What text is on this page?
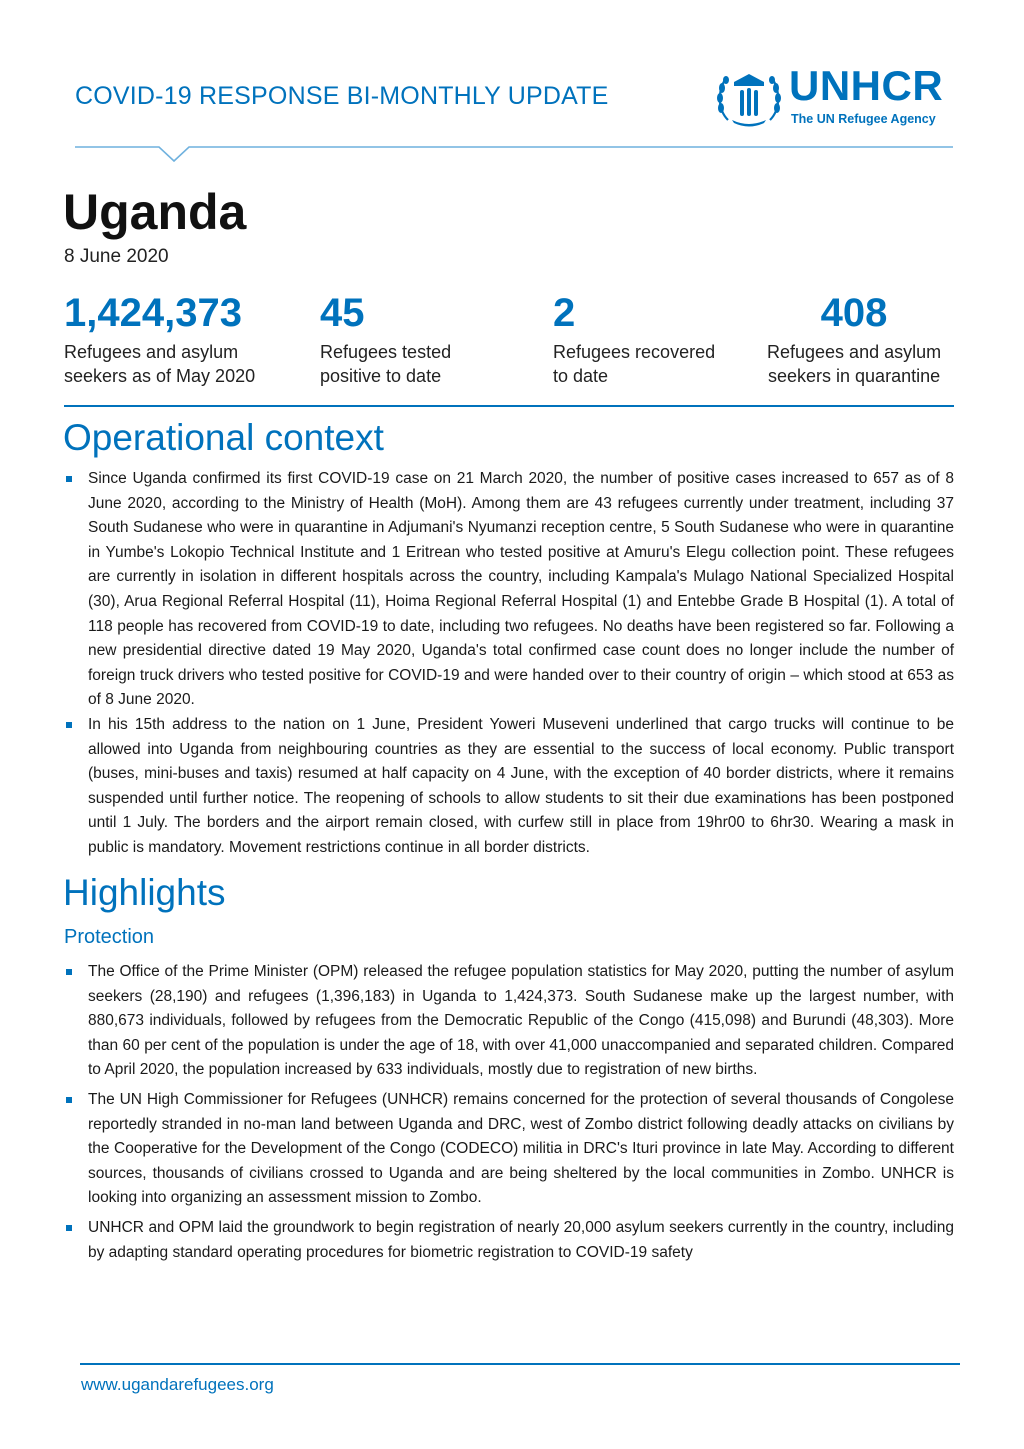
COVID-19 RESPONSE BI-MONTHLY UPDATE	UNHCR
The UN Refugee Agency
Uganda
8 June 2020
1,424,373
Refugees and asylum
seekers as of May 2020
45
Refugees tested
positive to date
2
Refugees recovered
to date
408
Refugees and asylum
seekers in quarantine
Operational context
Since Uganda confirmed its first COVID-19 case on 21 March 2020, the number of positive cases increased to 657 as of 8 June 2020, according to the Ministry of Health (MoH). Among them are 43 refugees currently under treatment, including 37 South Sudanese who were in quarantine in Adjumani's Nyumanzi reception centre, 5 South Sudanese who were in quarantine in Yumbe's Lokopio Technical Institute and 1 Eritrean who tested positive at Amuru's Elegu collection point. These refugees are currently in isolation in different hospitals across the country, including Kampala's Mulago National Specialized Hospital (30), Arua Regional Referral Hospital (11), Hoima Regional Referral Hospital (1) and Entebbe Grade B Hospital (1). A total of 118 people has recovered from COVID-19 to date, including two refugees. No deaths have been registered so far. Following a new presidential directive dated 19 May 2020, Uganda's total confirmed case count does no longer include the number of foreign truck drivers who tested positive for COVID-19 and were handed over to their country of origin – which stood at 653 as of 8 June 2020.
In his 15th address to the nation on 1 June, President Yoweri Museveni underlined that cargo trucks will continue to be allowed into Uganda from neighbouring countries as they are essential to the success of local economy. Public transport (buses, mini-buses and taxis) resumed at half capacity on 4 June, with the exception of 40 border districts, where it remains suspended until further notice. The reopening of schools to allow students to sit their due examinations has been postponed until 1 July. The borders and the airport remain closed, with curfew still in place from 19hr00 to 6hr30. Wearing a mask in public is mandatory. Movement restrictions continue in all border districts.
Highlights
Protection
The Office of the Prime Minister (OPM) released the refugee population statistics for May 2020, putting the number of asylum seekers (28,190) and refugees (1,396,183) in Uganda to 1,424,373. South Sudanese make up the largest number, with 880,673 individuals, followed by refugees from the Democratic Republic of the Congo (415,098) and Burundi (48,303). More than 60 per cent of the population is under the age of 18, with over 41,000 unaccompanied and separated children. Compared to April 2020, the population increased by 633 individuals, mostly due to registration of new births.
The UN High Commissioner for Refugees (UNHCR) remains concerned for the protection of several thousands of Congolese reportedly stranded in no-man land between Uganda and DRC, west of Zombo district following deadly attacks on civilians by the Cooperative for the Development of the Congo (CODECO) militia in DRC's Ituri province in late May. According to different sources, thousands of civilians crossed to Uganda and are being sheltered by the local communities in Zombo. UNHCR is looking into organizing an assessment mission to Zombo.
UNHCR and OPM laid the groundwork to begin registration of nearly 20,000 asylum seekers currently in the country, including by adapting standard operating procedures for biometric registration to COVID-19 safety
www.ugandarefugees.org
